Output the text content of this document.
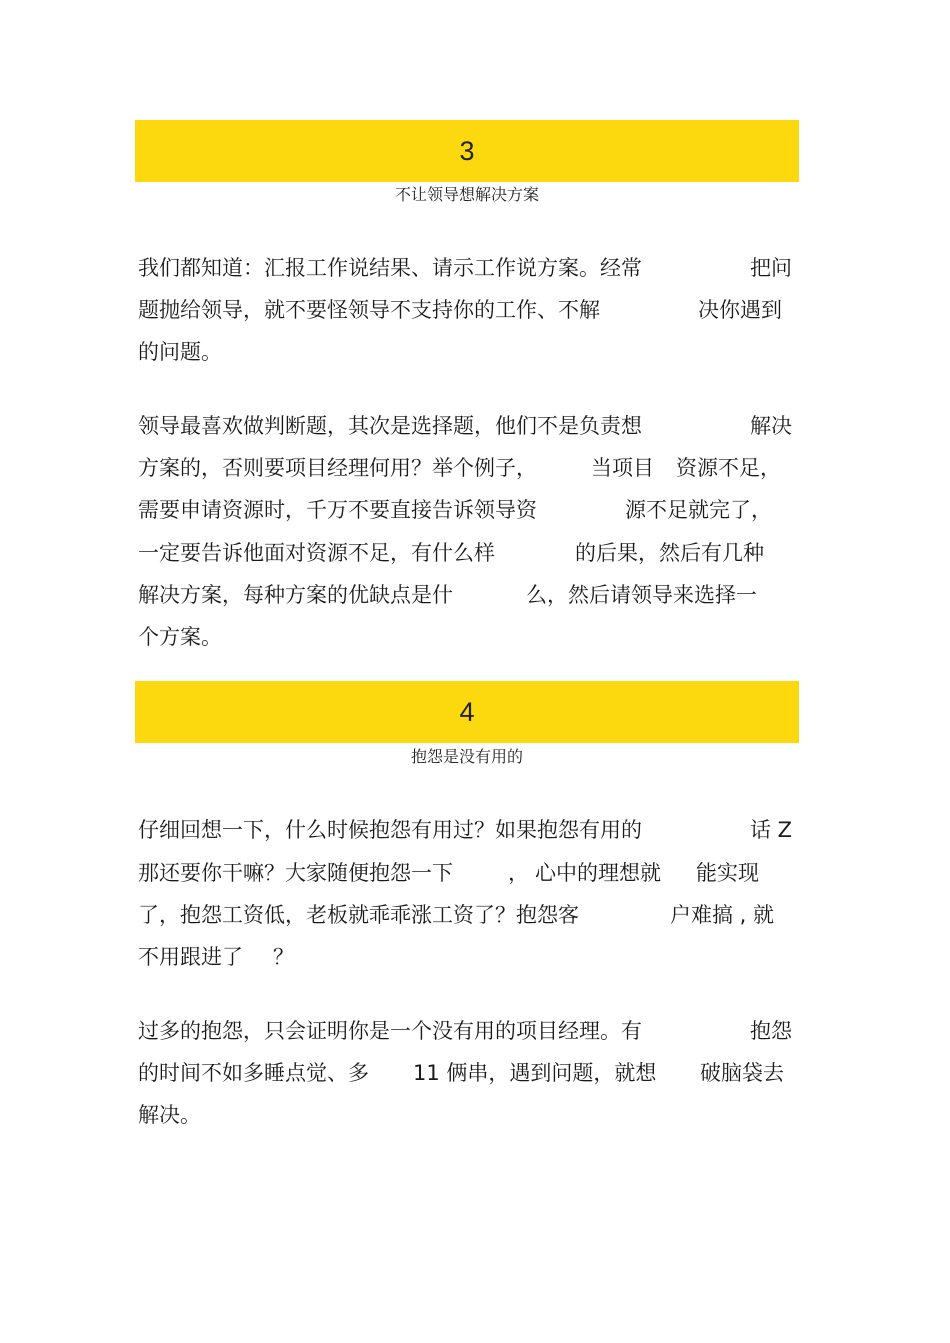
3
不让领导想解决方案
我们都知道：汇报工作说结果、请示工作说方案。经常	把问
题抛给领导，就不要怪领导不支持你的工作、不解	决你遇到
的问题。
领导最喜欢做判断题，其次是选择题，他们不是负责想	解决
方案的，否则要项目经理何用？举个例子，	当项目 资源不足，
需要申请资源时，千万不要直接告诉领导资	源不足就完了，
一定要告诉他面对资源不足，有什么样	的后果，然后有几种
解决方案，每种方案的优缺点是什	么，然后请领导来选择一
个方案。
4
抱怨是没有用的
仔细回想一下，什么时候抱怨有用过？如果抱怨有用的	话 Z
那还要你干嘛？大家随便抱怨一下	， 心中的理想就 能实现
了，抱怨工资低，老板就乖乖涨工资了？抱怨客	户难搞 , 就
不用跟进了 ？
过多的抱怨，只会证明你是一个没有用的项目经理。有	抱怨
的时间不如多睡点觉、多 11 俩串，遇到问题，就想 破脑袋去
解决。
